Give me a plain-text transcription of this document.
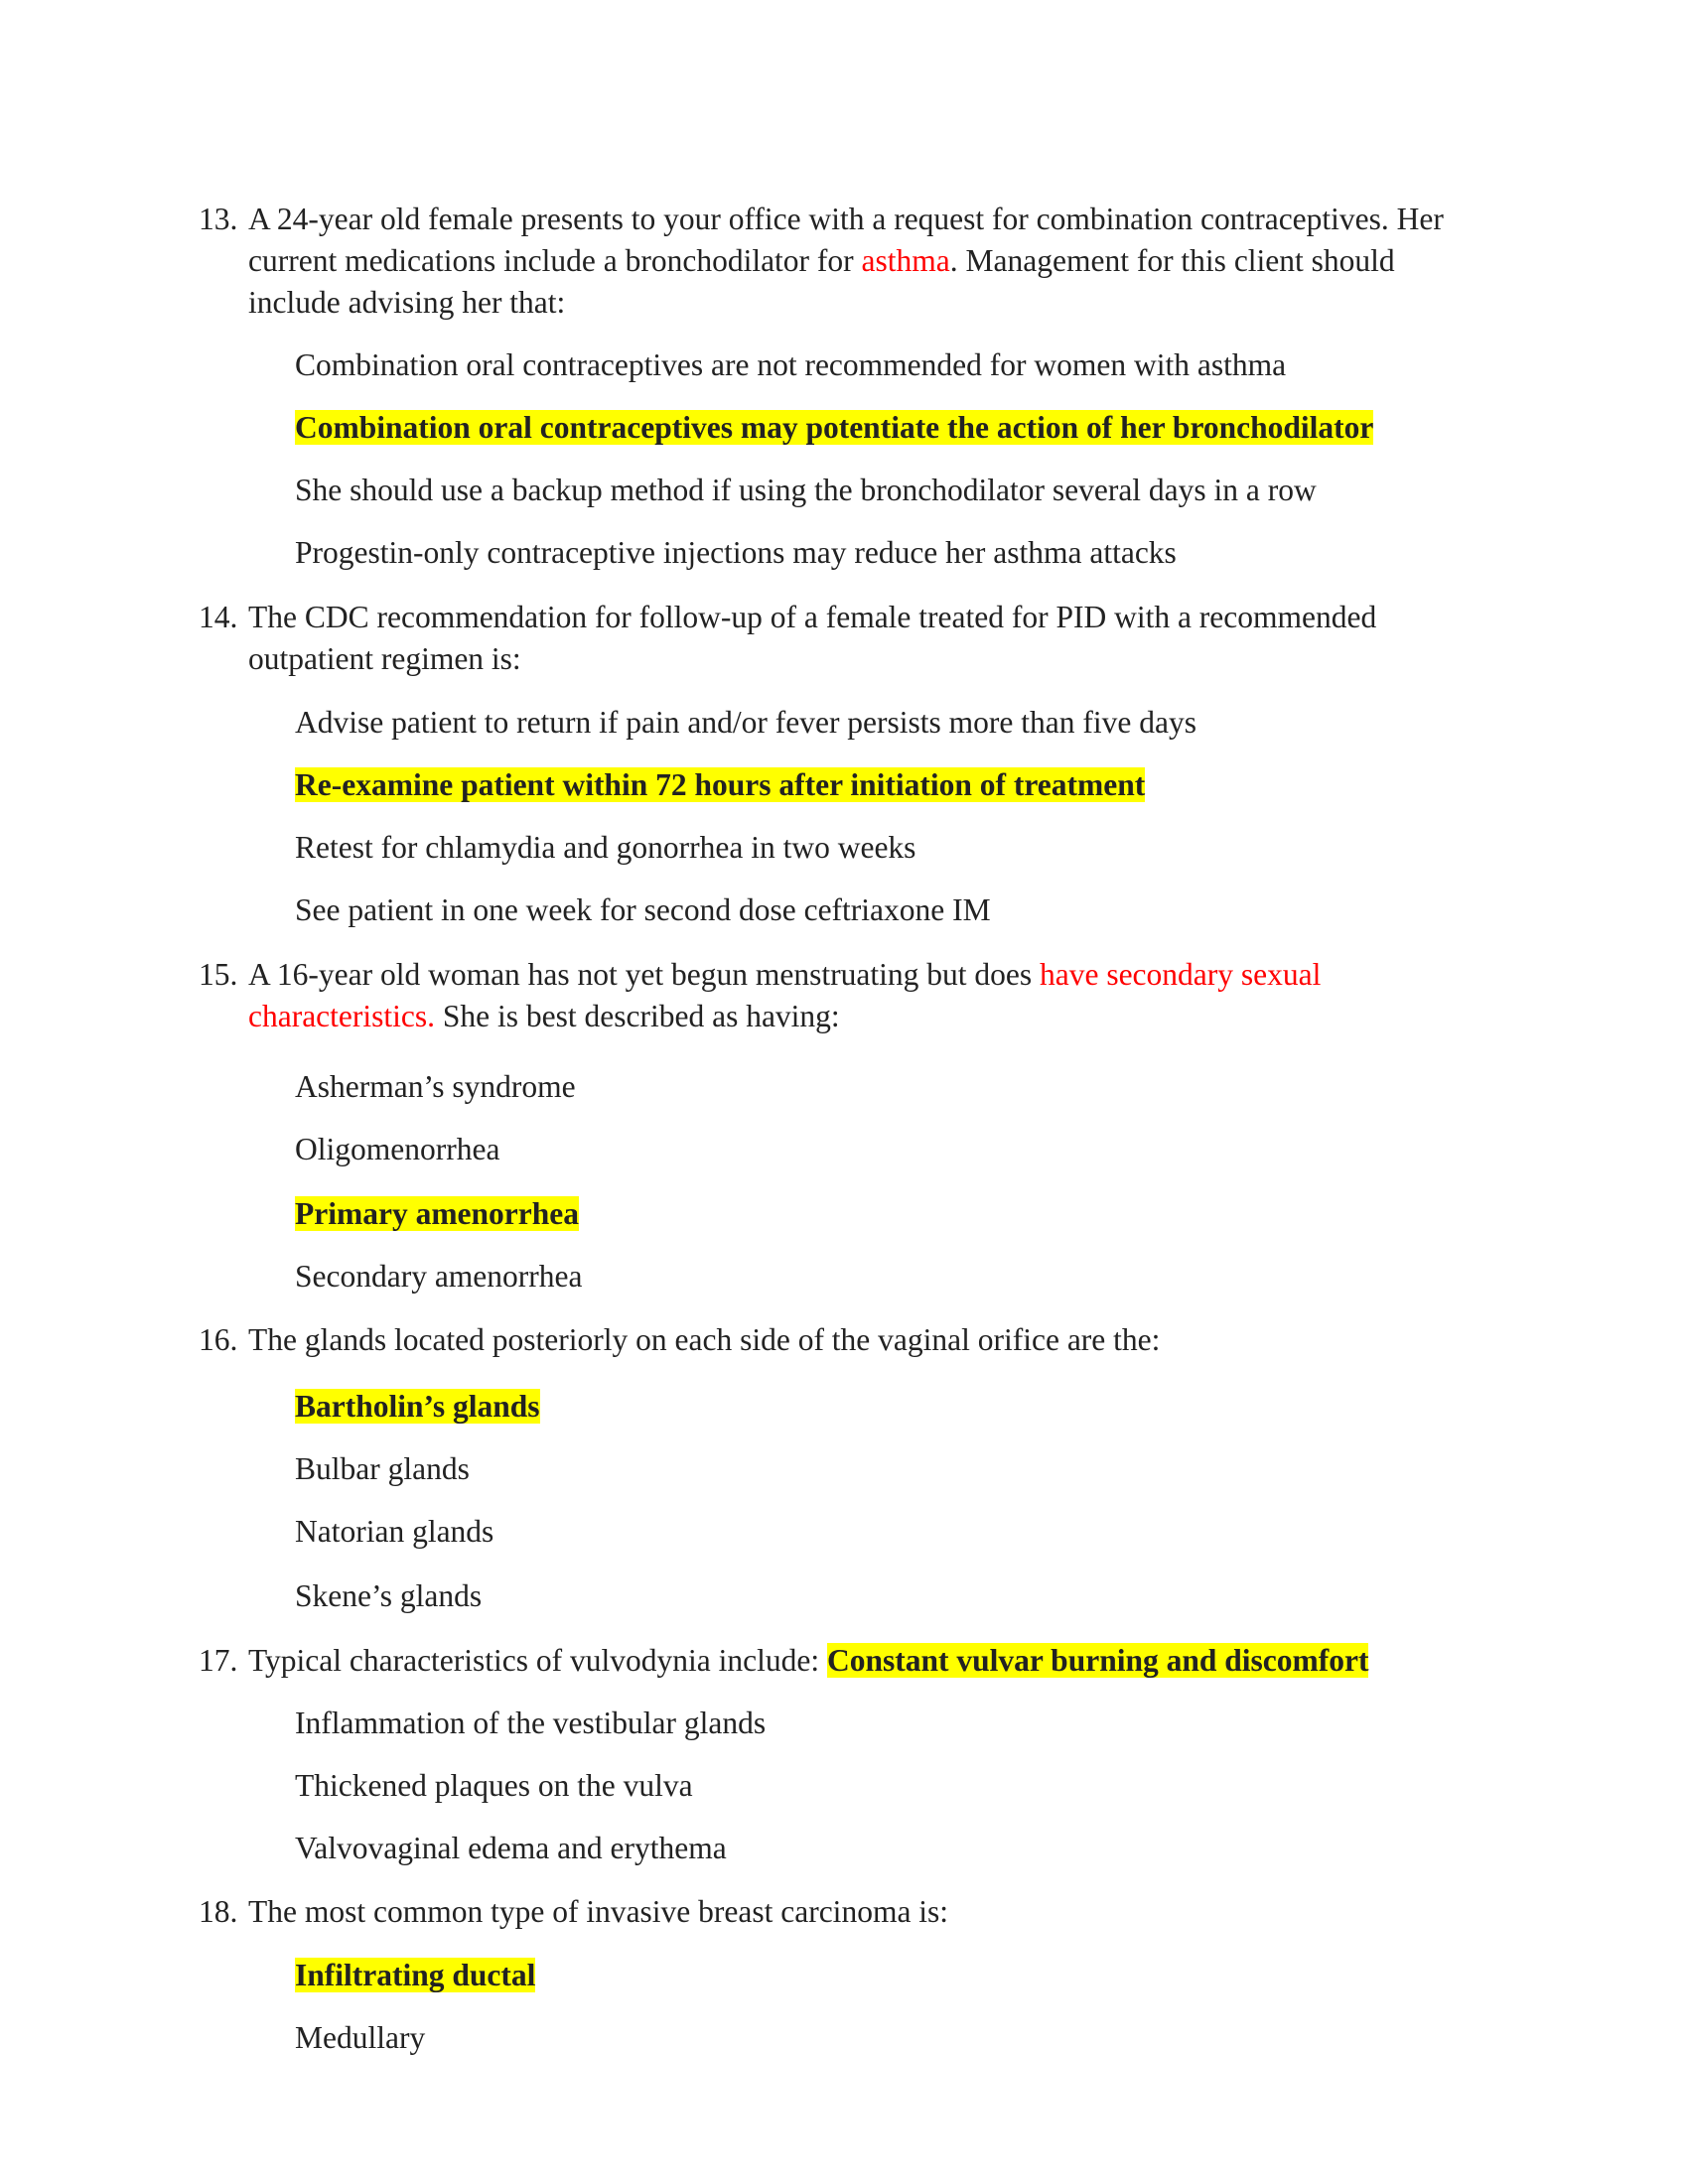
13. A 24-year old female presents to your office with a request for combination contraceptives. Her current medications include a bronchodilator for asthma. Management for this client should include advising her that:
Combination oral contraceptives are not recommended for women with asthma
Combination oral contraceptives may potentiate the action of her bronchodilator
She should use a backup method if using the bronchodilator several days in a row
Progestin-only contraceptive injections may reduce her asthma attacks
14. The CDC recommendation for follow-up of a female treated for PID with a recommended outpatient regimen is:
Advise patient to return if pain and/or fever persists more than five days
Re-examine patient within 72 hours after initiation of treatment
Retest for chlamydia and gonorrhea in two weeks
See patient in one week for second dose ceftriaxone IM
15. A 16-year old woman has not yet begun menstruating but does have secondary sexual characteristics. She is best described as having:
Asherman’s syndrome
Oligomenorrhea
Primary amenorrhea
Secondary amenorrhea
16. The glands located posteriorly on each side of the vaginal orifice are the:
Bartholin’s glands
Bulbar glands
Natorian glands
Skene’s glands
17. Typical characteristics of vulvodynia include: Constant vulvar burning and discomfort
Inflammation of the vestibular glands
Thickened plaques on the vulva
Valvovaginal edema and erythema
18. The most common type of invasive breast carcinoma is:
Infiltrating ductal
Medullary
